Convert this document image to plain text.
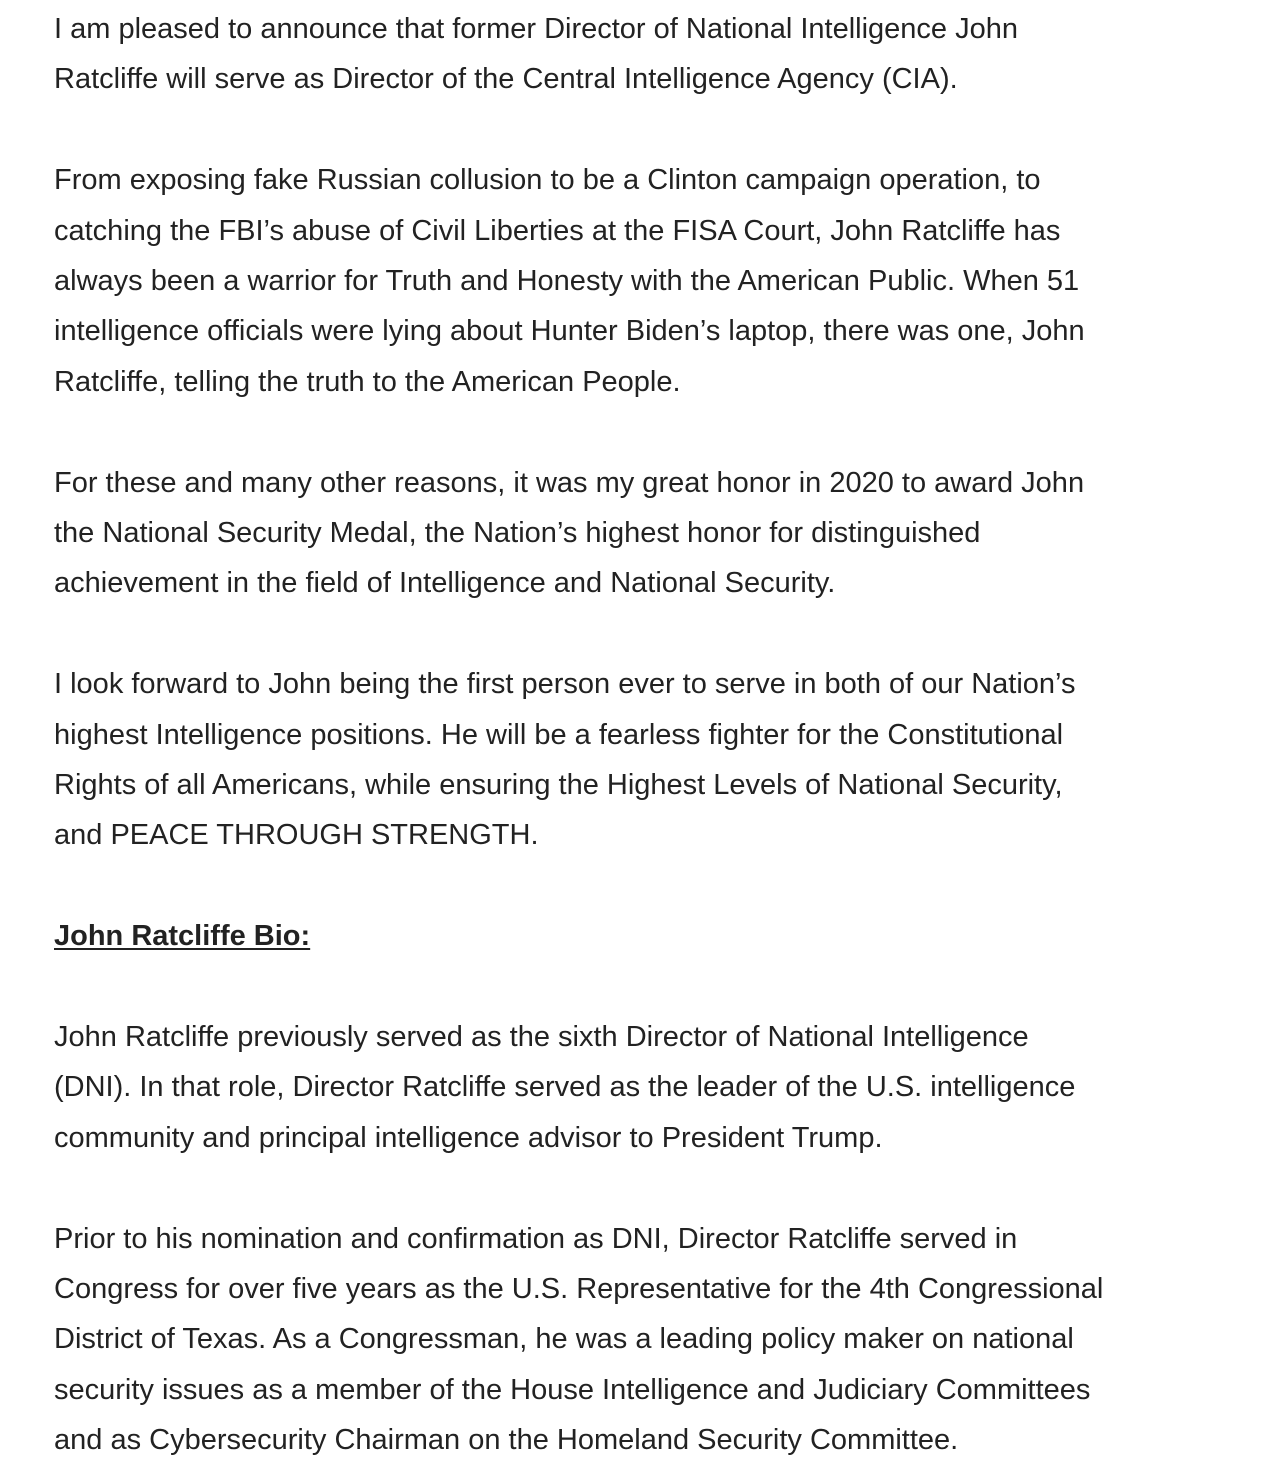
I am pleased to announce that former Director of National Intelligence John
Ratcliffe will serve as Director of the Central Intelligence Agency (CIA).

From exposing fake Russian collusion to be a Clinton campaign operation, to
catching the FBI’s abuse of Civil Liberties at the FISA Court, John Ratcliffe has
always been a warrior for Truth and Honesty with the American Public. When 51
intelligence officials were lying about Hunter Biden’s laptop, there was one, John
Ratcliffe, telling the truth to the American People.

For these and many other reasons, it was my great honor in 2020 to award John
the National Security Medal, the Nation’s highest honor for distinguished
achievement in the field of Intelligence and National Security.

I look forward to John being the first person ever to serve in both of our Nation’s
highest Intelligence positions. He will be a fearless fighter for the Constitutional
Rights of all Americans, while ensuring the Highest Levels of National Security,
and PEACE THROUGH STRENGTH.

John Ratcliffe Bio:

John Ratcliffe previously served as the sixth Director of National Intelligence
(DNI). In that role, Director Ratcliffe served as the leader of the U.S. intelligence
community and principal intelligence advisor to President Trump.

Prior to his nomination and confirmation as DNI, Director Ratcliffe served in
Congress for over five years as the U.S. Representative for the 4th Congressional
District of Texas. As a Congressman, he was a leading policy maker on national
security issues as a member of the House Intelligence and Judiciary Committees
and as Cybersecurity Chairman on the Homeland Security Committee.
